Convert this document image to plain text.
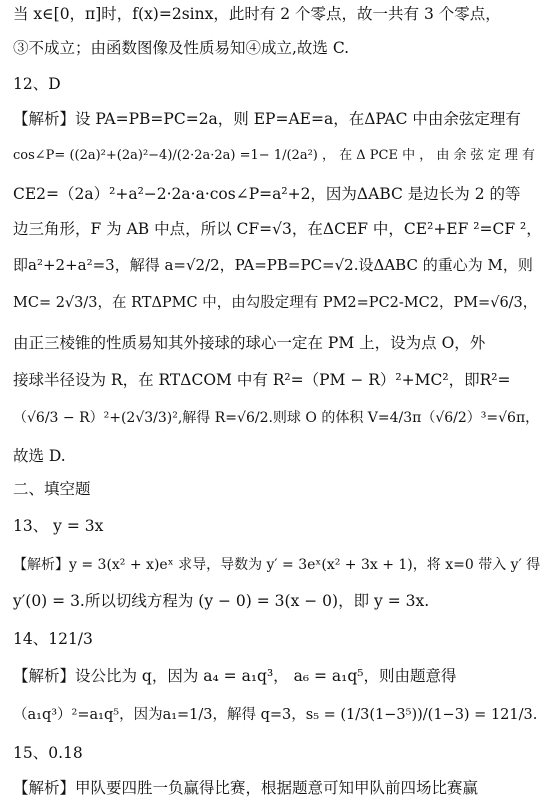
当 x∈[0，π]时，f(x)=2sinx，此时有 2 个零点，故一共有 3 个零点，
③不成立；由函数图像及性质易知④成立,故选 C.
12、D
【解析】设 PA=PB=PC=2a，则 EP=AE=a，在ΔPAC 中由余弦定理有
cos∠P= ((2a)²+(2a)²−4)/(2·2a·2a) =1− 1/(2a²) ， 在 Δ PCE 中 ， 由 余 弦 定 理 有
CE2=（2a）²+a²−2·2a·a·cos∠P=a²+2，因为ΔABC 是边长为 2 的等
边三角形，F 为 AB 中点，所以 CF=√3，在ΔCEF 中，CE²+EF ²=CF ²，
即a²+2+a²=3，解得 a=√2/2，PA=PB=PC=√2.设ΔABC 的重心为 M，则
MC= 2√3/3，在 RTΔPMC 中，由勾股定理有 PM2=PC2-MC2，PM=√6/3，
由正三棱锥的性质易知其外接球的球心一定在 PM 上，设为点 O，外
接球半径设为 R，在 RTΔCOM 中有 R²=（PM − R）²+MC²，即R²=
（√6/3 − R）²+(2√3/3)²,解得 R=√6/2.则球 O 的体积 V=4/3π（√6/2）³=√6π，
故选 D.
二、填空题
13、 y = 3x
【解析】y = 3(x² + x)eˣ 求导，导数为 y′ = 3eˣ(x² + 3x + 1)，将 x=0 带入 y′ 得
y′(0) = 3.所以切线方程为 (y − 0) = 3(x − 0)，即 y = 3x.
14、121/3
【解析】设公比为 q，因为 a₄ = a₁q³， a₆ = a₁q⁵，则由题意得
（a₁q³）²=a₁q⁵，因为a₁=1/3，解得 q=3，s₅ = (1/3(1−3⁵))/(1−3) = 121/3.
15、0.18
【解析】甲队要四胜一负赢得比赛，根据题意可知甲队前四场比赛赢
